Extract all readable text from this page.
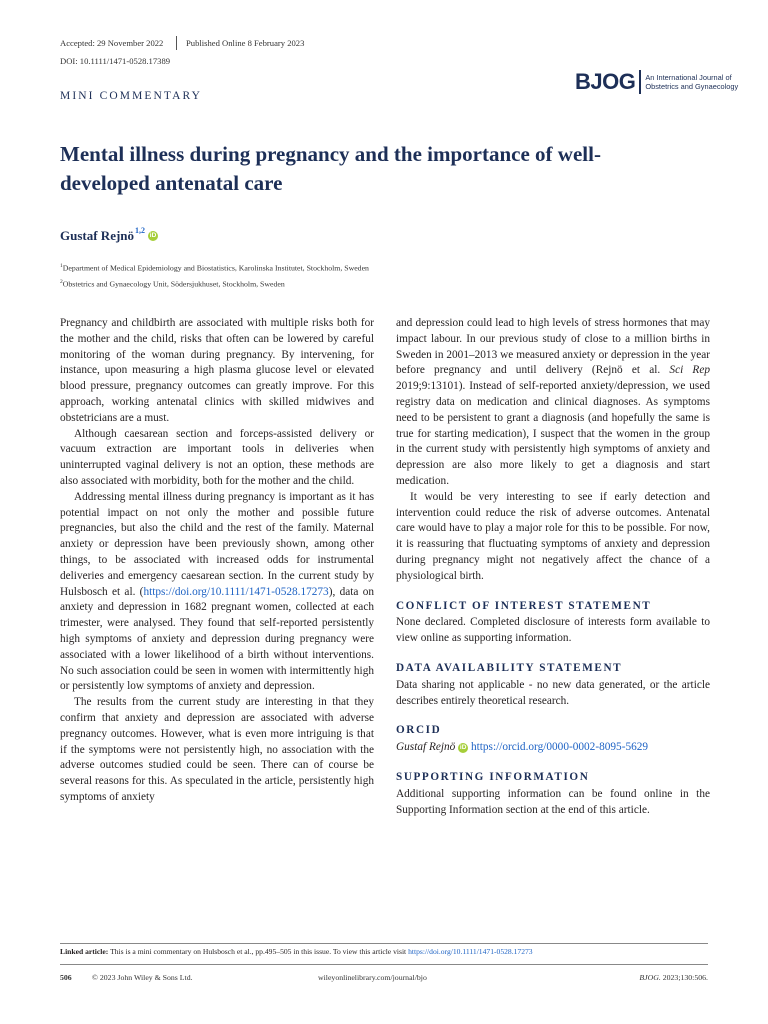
Accepted: 29 November 2022	Published Online 8 February 2023
DOI: 10.1111/1471-0528.17389
MINI COMMENTARY
BJOG	An International Journal of
Obstetrics and Gynaecology
Mental illness during pregnancy and the importance of well-developed antenatal care
Gustaf Rejnö$^{1,2}$
iD
$^1$Department of Medical Epidemiology and Biostatistics, Karolinska Institutet, Stockholm, Sweden
$^2$Obstetrics and Gynaecology Unit, Södersjukhuset, Stockholm, Sweden

Pregnancy and childbirth are associated with multiple risks both for the mother and the child, risks that often can be lowered by careful monitoring of the woman during pregnancy. By intervening, for instance, upon measuring a high plasma glucose level or elevated blood pressure, pregnancy outcomes can greatly improve. For this approach, working antenatal clinics with skilled midwives and obstetricians are a must.

Although caesarean section and forceps-assisted delivery or vacuum extraction are important tools in deliveries when uninterrupted vaginal delivery is not an option, these methods are also associated with morbidity, both for the mother and the child.

Addressing mental illness during pregnancy is important as it has potential impact on not only the mother and possible future pregnancies, but also the child and the rest of the family. Maternal anxiety or depression have been previously shown, among other things, to be associated with increased odds for instrumental deliveries and emergency caesarean section. In the current study by Hulsbosch et al. (https://doi.org/10.1111/1471-0528.17273), data on anxiety and depression in 1682 pregnant women, collected at each trimester, were analysed. They found that self-reported persistently high symptoms of anxiety and depression during pregnancy were associated with a lower likelihood of a birth without interventions. No such association could be seen in women with intermittently high or persistently low symptoms of anxiety and depression.

The results from the current study are interesting in that they confirm that anxiety and depression are associated with adverse pregnancy outcomes. However, what is even more intriguing is that if the symptoms were not persistently high, no association with the adverse outcomes studied could be seen. There can of course be several reasons for this. As speculated in the article, persistently high symptoms of anxiety

and depression could lead to high levels of stress hormones that may impact labour. In our previous study of close to a million births in Sweden in 2001–2013 we measured anxiety or depression in the year before pregnancy and until delivery (Rejnö et al. Sci Rep 2019;9:13101). Instead of self-reported anxiety/depression, we used registry data on medication and clinical diagnoses. As symptoms need to be persistent to grant a diagnosis (and hopefully the same is true for starting medication), I suspect that the women in the group in the current study with persistently high symptoms of anxiety and depression are also more likely to get a diagnosis and start medication.

It would be very interesting to see if early detection and intervention could reduce the risk of adverse outcomes. Antenatal care would have to play a major role for this to be possible. For now, it is reassuring that fluctuating symptoms of anxiety and depression during pregnancy might not negatively affect the chance of a physiological birth.

CONFLICT OF INTEREST STATEMENT

None declared. Completed disclosure of interests form available to view online as supporting information.

DATA AVAILABILITY STATEMENT

Data sharing not applicable - no new data generated, or the article describes entirely theoretical research.

ORCID

Gustaf Rejnö iD https://orcid.org/0000-0002-8095-5629

SUPPORTING INFORMATION

Additional supporting information can be found online in the Supporting Information section at the end of this article.

Linked article: This is a mini commentary on Hulsbosch et al., pp.495–505 in this issue. To view this article visit https://doi.org/10.1111/1471-0528.17273
506	© 2023 John Wiley & Sons Ltd.	wileyonlinelibrary.com/journal/bjo	BJOG. 2023;130:506.
